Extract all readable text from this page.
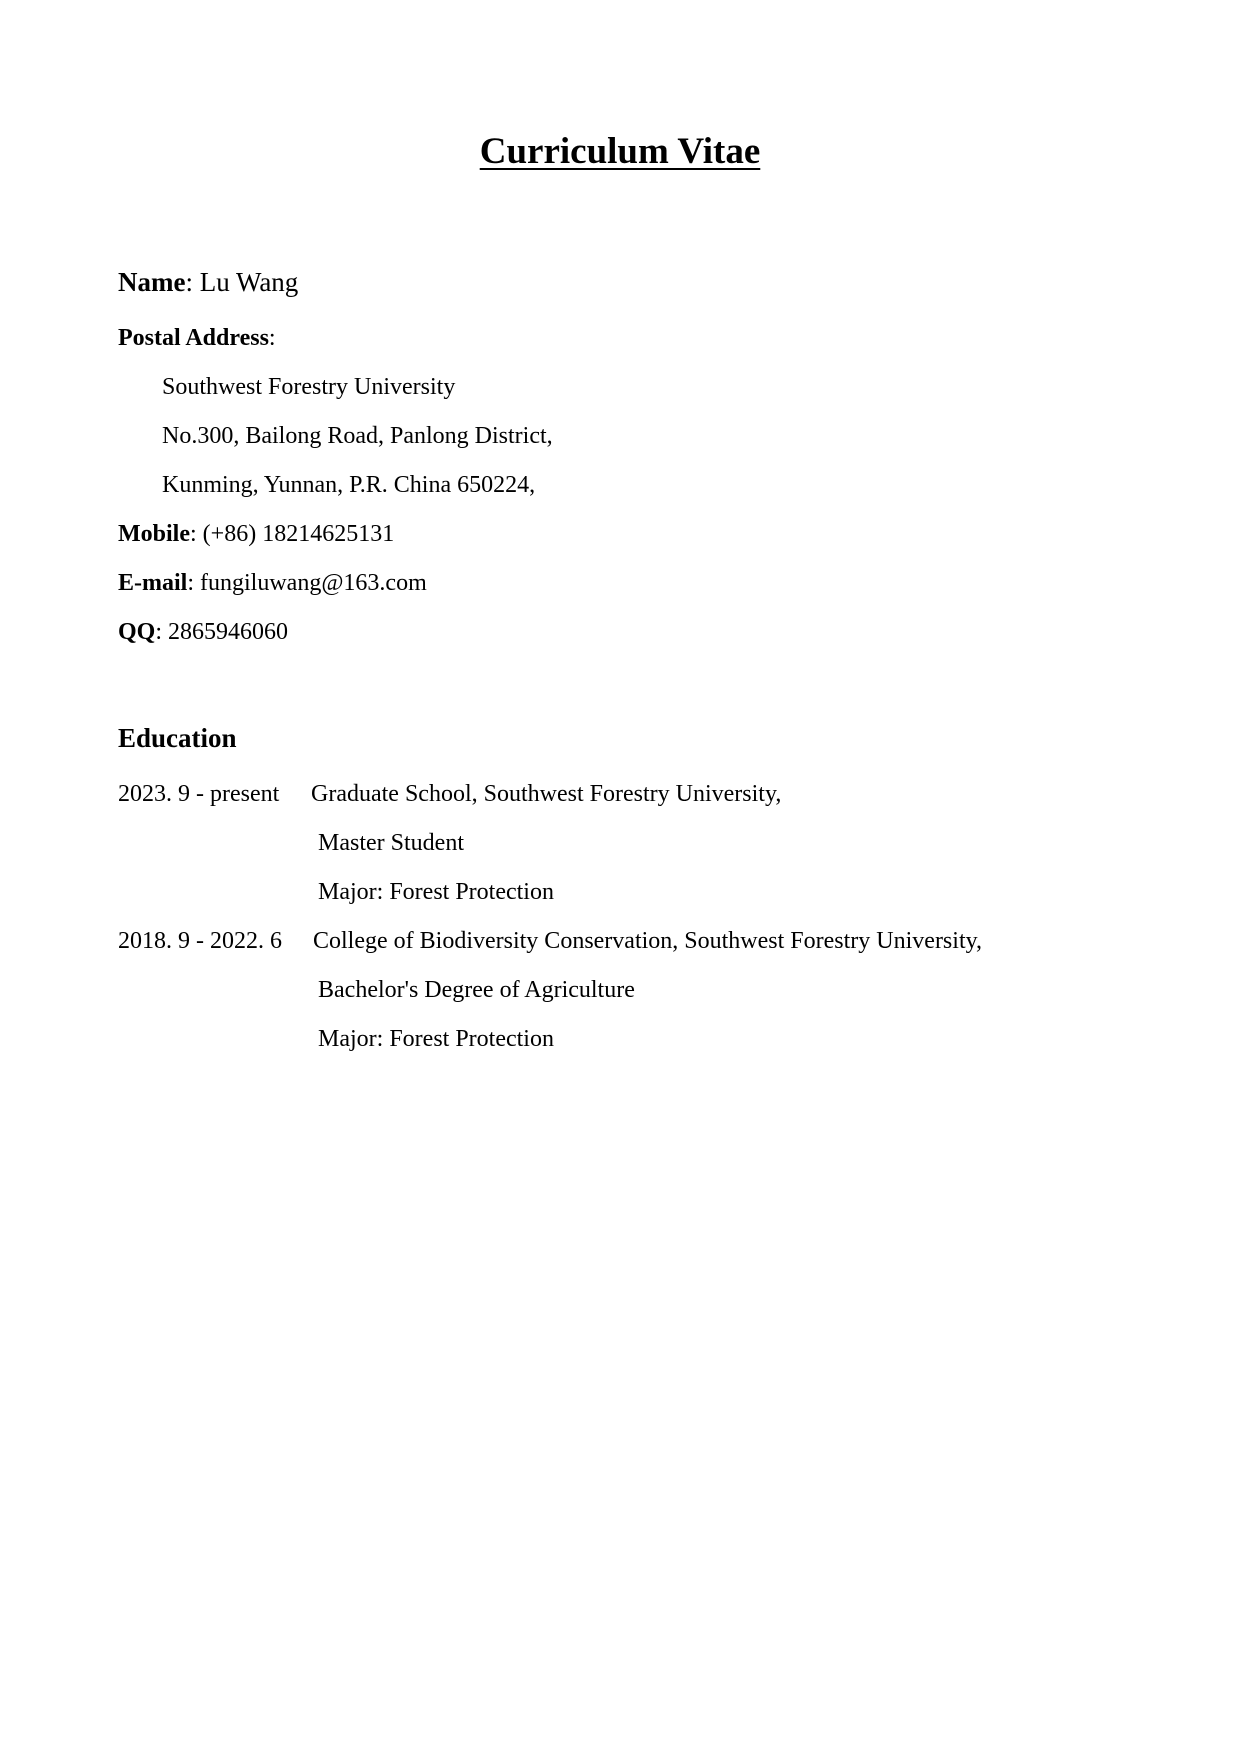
Curriculum Vitae
Name: Lu Wang
Postal Address:
Southwest Forestry University
No.300, Bailong Road, Panlong District,
Kunming, Yunnan, P.R. China 650224,
Mobile: (+86) 18214625131
E-mail: fungiluwang@163.com
QQ: 2865946060
Education
2023. 9 - present Graduate School, Southwest Forestry University,
Master Student
Major: Forest Protection
2018. 9 - 2022. 6 College of Biodiversity Conservation, Southwest Forestry University,
Bachelor's Degree of Agriculture
Major: Forest Protection
